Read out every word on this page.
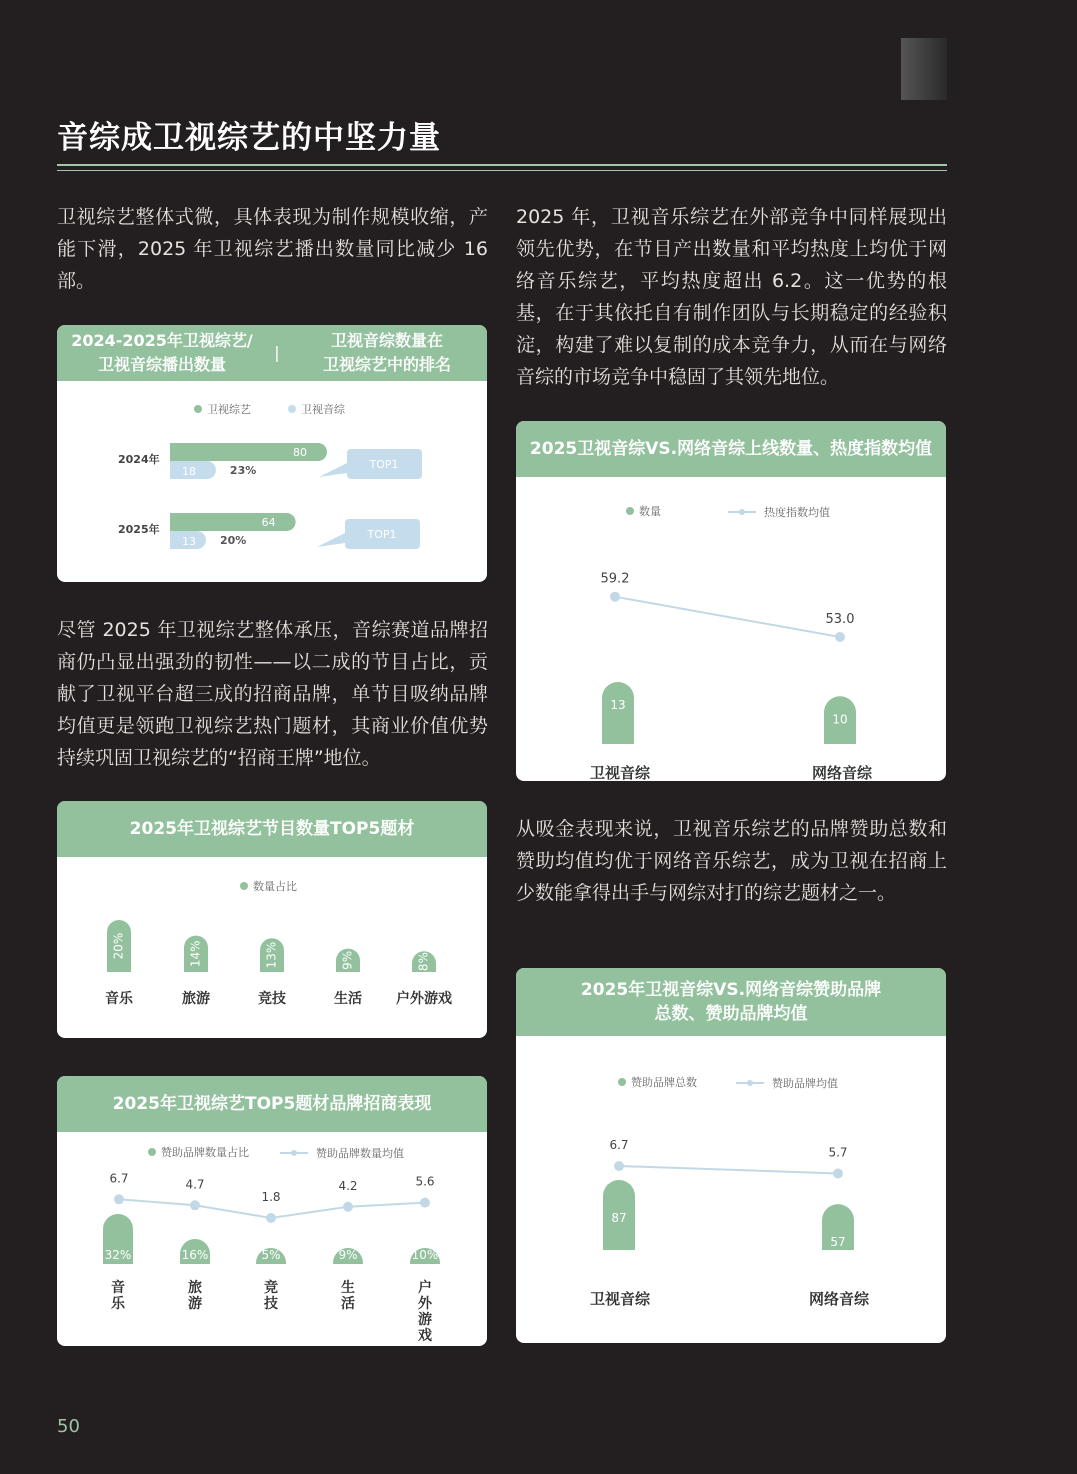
音综成卫视综艺的中坚力量

卫视综艺整体式微，具体表现为制作规模收缩，产能下滑，2025 年卫视综艺播出数量同比减少 16 部。

尽管 2025 年卫视综艺整体承压，音综赛道品牌招商仍凸显出强劲的韧性——以二成的节目占比，贡献了卫视平台超三成的招商品牌，单节目吸纳品牌均值更是领跑卫视综艺热门题材，其商业价值优势持续巩固卫视综艺的“招商王牌”地位。

2025 年，卫视音乐综艺在外部竞争中同样展现出领先优势，在节目产出数量和平均热度上均优于网络音乐综艺，平均热度超出 6.2。这一优势的根基，在于其依托自有制作团队与长期稳定的经验积淀，构建了难以复制的成本竞争力，从而在与网络音综的市场竞争中稳固了其领先地位。

从吸金表现来说，卫视音乐综艺的品牌赞助总数和赞助均值均优于网络音乐综艺，成为卫视在招商上少数能拿得出手与网综对打的综艺题材之一。

2024-2025年卫视综艺/
卫视音综播出数量
|
卫视音综数量在
卫视综艺中的排名
卫视综艺	卫视音综
2024年
80
18	23%	TOP1
2025年
64
13 20%	TOP1
2025年卫视综艺节目数量TOP5题材
数量占比
20%
音乐
14%
旅游
13%
竞技
9%
生活
8%
户外游戏
2025年卫视综艺TOP5题材品牌招商表现
赞助品牌数量占比	赞助品牌数量均值
32%
音
乐
16%
旅
游
5%
竞
技
9%
生
活
10%
户
外
游
戏
6.7	4.7
1.8
4.2	5.6
2025卫视音综VS.网络音综上线数量、热度指数均值
数量	热度指数均值
13
卫视音综
10
网络音综
59.2
53.0
2025年卫视音综VS.网络音综赞助品牌
总数、赞助品牌均值
赞助品牌总数	赞助品牌均值
87
卫视音综
57
网络音综
6.7
5.7
50
